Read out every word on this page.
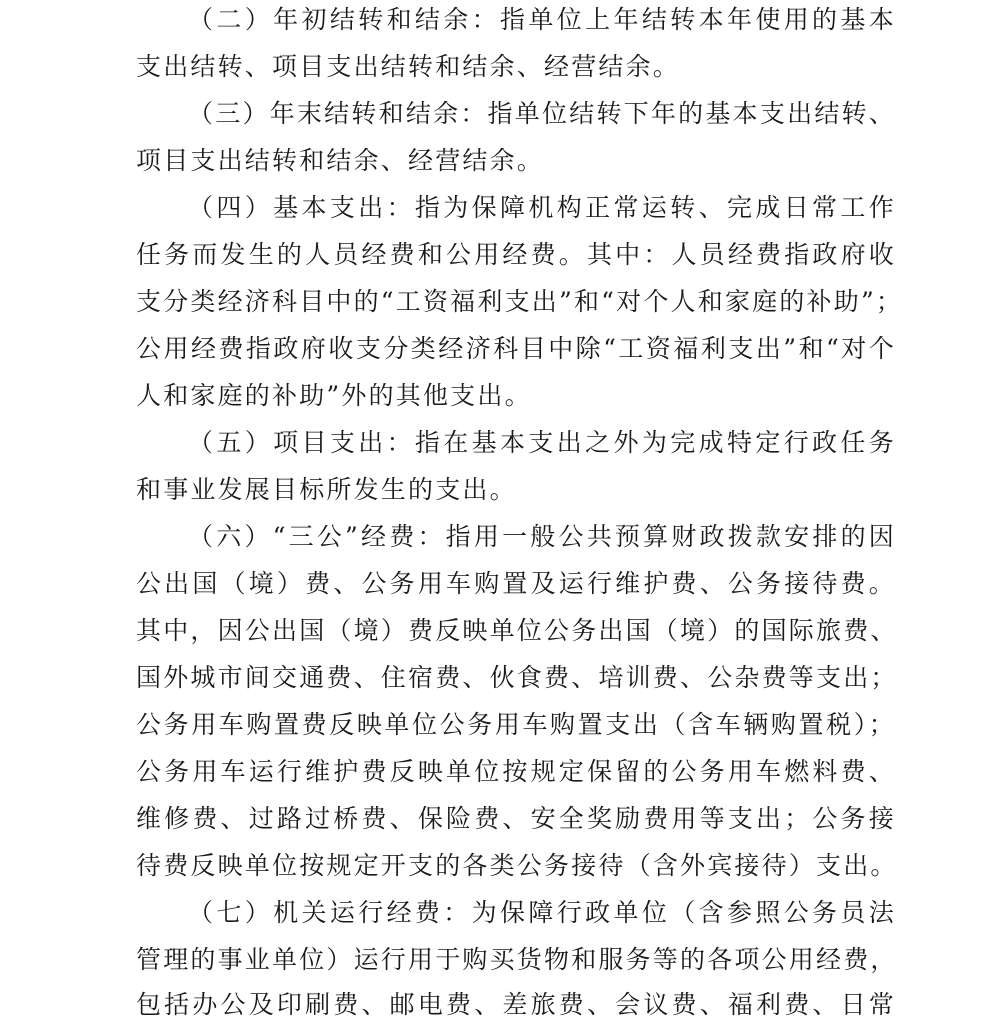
（二）年初结转和结余：指单位上年结转本年使用的基本
支出结转、项目支出结转和结余、经营结余。
（三）年末结转和结余：指单位结转下年的基本支出结转、
项目支出结转和结余、经营结余。
（四）基本支出：指为保障机构正常运转、完成日常工作
任务而发生的人员经费和公用经费。其中：人员经费指政府收
支分类经济科目中的“工资福利支出”和“对个人和家庭的补助”；
公用经费指政府收支分类经济科目中除“工资福利支出”和“对个
人和家庭的补助”外的其他支出。
（五）项目支出：指在基本支出之外为完成特定行政任务
和事业发展目标所发生的支出。
（六）“三公”经费：指用一般公共预算财政拨款安排的因
公出国（境）费、公务用车购置及运行维护费、公务接待费。
其中，因公出国（境）费反映单位公务出国（境）的国际旅费、
国外城市间交通费、住宿费、伙食费、培训费、公杂费等支出；
公务用车购置费反映单位公务用车购置支出（含车辆购置税）；
公务用车运行维护费反映单位按规定保留的公务用车燃料费、
维修费、过路过桥费、保险费、安全奖励费用等支出；公务接
待费反映单位按规定开支的各类公务接待（含外宾接待）支出。
（七）机关运行经费：为保障行政单位（含参照公务员法
管理的事业单位）运行用于购买货物和服务等的各项公用经费，
包括办公及印刷费、邮电费、差旅费、会议费、福利费、日常
